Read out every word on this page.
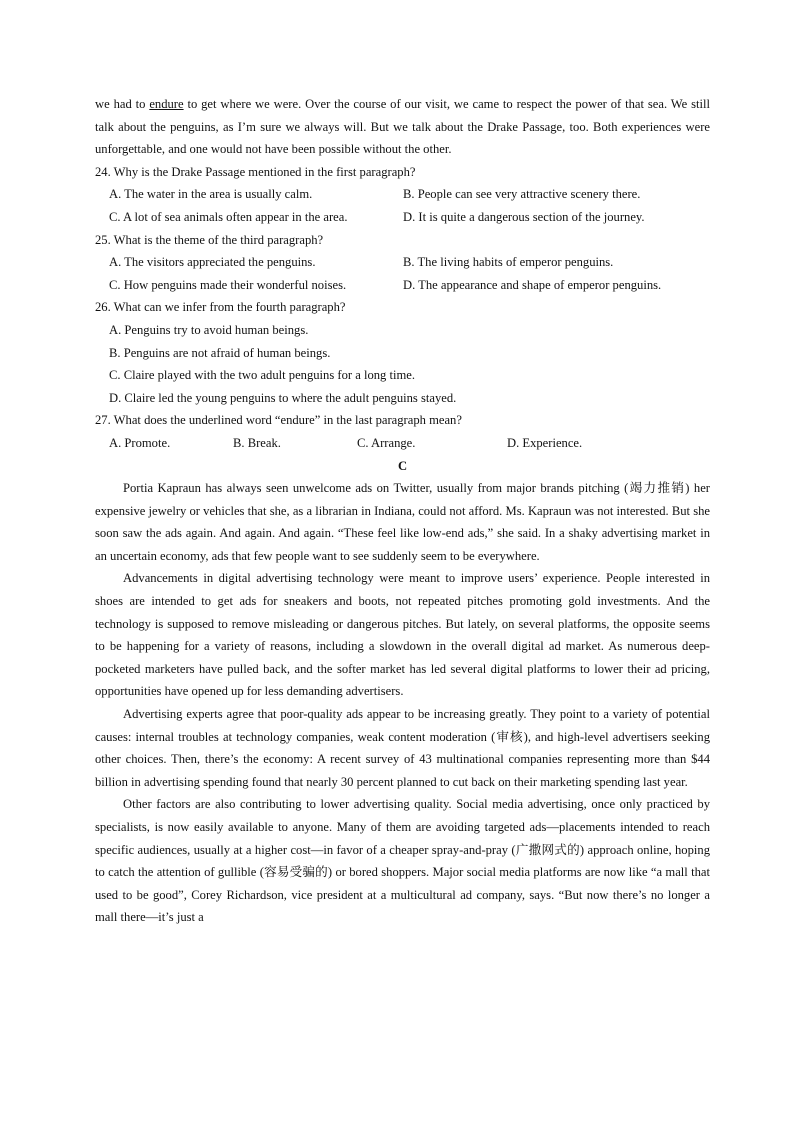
we had to endure to get where we were. Over the course of our visit, we came to respect the power of that sea. We still talk about the penguins, as I’m sure we always will. But we talk about the Drake Passage, too. Both experiences were unforgettable, and one would not have been possible without the other.

24. Why is the Drake Passage mentioned in the first paragraph?

A. The water in the area is usually calm.	B. People can see very attractive scenery there.
C. A lot of sea animals often appear in the area.	D. It is quite a dangerous section of the journey.

25. What is the theme of the third paragraph?

A. The visitors appreciated the penguins.	B. The living habits of emperor penguins.
C. How penguins made their wonderful noises.	D. The appearance and shape of emperor penguins.

26. What can we infer from the fourth paragraph?

A. Penguins try to avoid human beings.
B. Penguins are not afraid of human beings.
C. Claire played with the two adult penguins for a long time.
D. Claire led the young penguins to where the adult penguins stayed.

27. What does the underlined word “endure” in the last paragraph mean?

A. Promote.	B. Break.	C. Arrange.	D. Experience.

C

Portia Kapraun has always seen unwelcome ads on Twitter, usually from major brands pitching (竭力推销) her expensive jewelry or vehicles that she, as a librarian in Indiana, could not afford. Ms. Kapraun was not interested. But she soon saw the ads again. And again. And again. “These feel like low-end ads,” she said. In a shaky advertising market in an uncertain economy, ads that few people want to see suddenly seem to be everywhere.

Advancements in digital advertising technology were meant to improve users’ experience. People interested in shoes are intended to get ads for sneakers and boots, not repeated pitches promoting gold investments. And the technology is supposed to remove misleading or dangerous pitches. But lately, on several platforms, the opposite seems to be happening for a variety of reasons, including a slowdown in the overall digital ad market. As numerous deep-pocketed marketers have pulled back, and the softer market has led several digital platforms to lower their ad pricing, opportunities have opened up for less demanding advertisers.

Advertising experts agree that poor-quality ads appear to be increasing greatly. They point to a variety of potential causes: internal troubles at technology companies, weak content moderation (审核), and high-level advertisers seeking other choices. Then, there’s the economy: A recent survey of 43 multinational companies representing more than $44 billion in advertising spending found that nearly 30 percent planned to cut back on their marketing spending last year.

Other factors are also contributing to lower advertising quality. Social media advertising, once only practiced by specialists, is now easily available to anyone. Many of them are avoiding targeted ads—placements intended to reach specific audiences, usually at a higher cost—in favor of a cheaper spray-and-pray (广撒网式的) approach online, hoping to catch the attention of gullible (容易受骗的) or bored shoppers. Major social media platforms are now like “a mall that used to be good”, Corey Richardson, vice president at a multicultural ad company, says. “But now there’s no longer a mall there—it’s just a
